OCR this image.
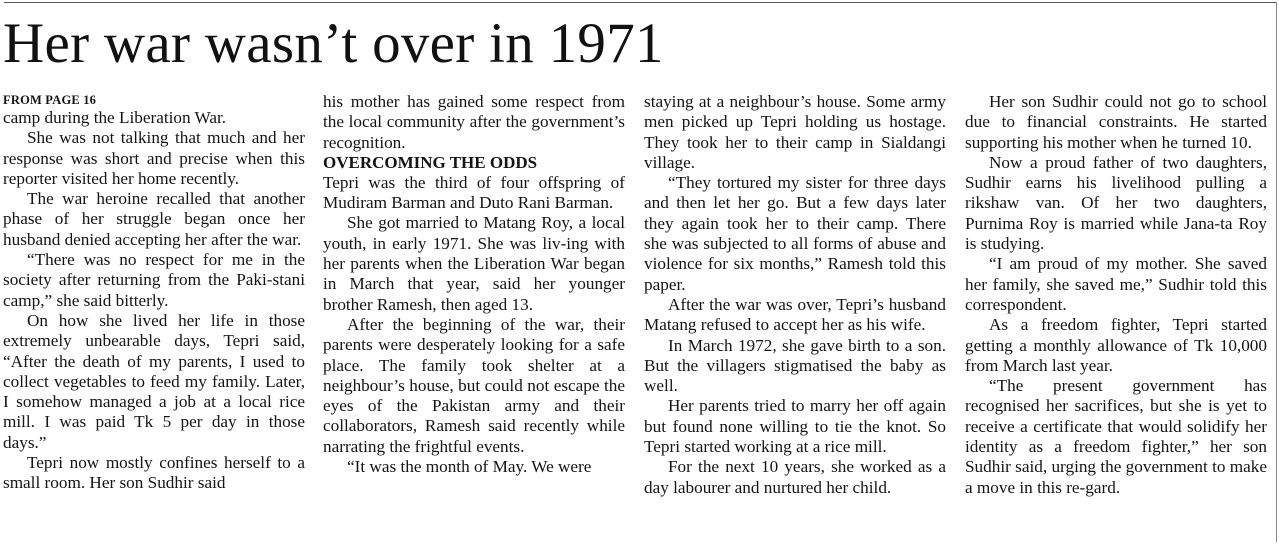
Her war wasn’t over in 1971
FROM PAGE 16

camp during the Liberation War.

She was not talking that much and her response was short and precise when this reporter visited her home recently.

The war heroine recalled that another phase of her struggle began once her husband denied accepting her after the war.

“There was no respect for me in the society after returning from the Paki-stani camp,” she said bitterly.

On how she lived her life in those extremely unbearable days, Tepri said, “After the death of my parents, I used to collect vegetables to feed my family. Later, I somehow managed a job at a local rice mill. I was paid Tk 5 per day in those days.”

Tepri now mostly confines herself to a small room. Her son Sudhir said

his mother has gained some respect from the local community after the government’s recognition.

OVERCOMING THE ODDS

Tepri was the third of four offspring of Mudiram Barman and Duto Rani Barman.

She got married to Matang Roy, a local youth, in early 1971. She was liv-ing with her parents when the Liberation War began in March that year, said her younger brother Ramesh, then aged 13.

After the beginning of the war, their parents were desperately looking for a safe place. The family took shelter at a neighbour’s house, but could not escape the eyes of the Pakistan army and their collaborators, Ramesh said recently while narrating the frightful events.

“It was the month of May. We were

staying at a neighbour’s house. Some army men picked up Tepri holding us hostage. They took her to their camp in Sialdangi village.

“They tortured my sister for three days and then let her go. But a few days later they again took her to their camp. There she was subjected to all forms of abuse and violence for six months,” Ramesh told this paper.

After the war was over, Tepri’s husband Matang refused to accept her as his wife.

In March 1972, she gave birth to a son. But the villagers stigmatised the baby as well.

Her parents tried to marry her off again but found none willing to tie the knot. So Tepri started working at a rice mill.

For the next 10 years, she worked as a day labourer and nurtured her child.

Her son Sudhir could not go to school due to financial constraints. He started supporting his mother when he turned 10.

Now a proud father of two daughters, Sudhir earns his livelihood pulling a rikshaw van. Of her two daughters, Purnima Roy is married while Jana-ta Roy is studying.

“I am proud of my mother. She saved her family, she saved me,” Sudhir told this correspondent.

As a freedom fighter, Tepri started getting a monthly allowance of Tk 10,000 from March last year.

“The present government has recognised her sacrifices, but she is yet to receive a certificate that would solidify her identity as a freedom fighter,” her son Sudhir said, urging the government to make a move in this re-gard.
